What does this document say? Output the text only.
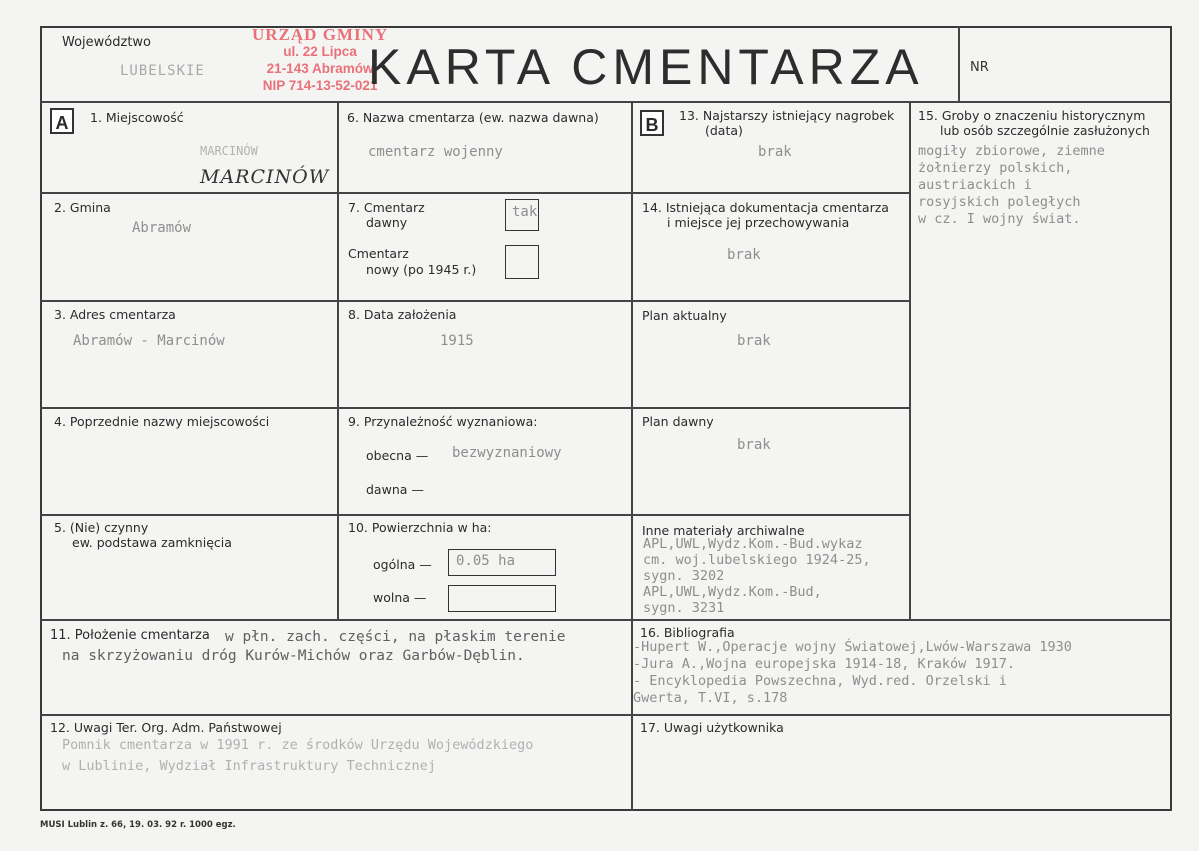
Województwo
LUBELSKIE
URZĄD GMINY
ul. 22 Lipca
21-143 Abramów
NIP 714-13-52-021
KARTA CMENTARZA	NR
A	B
1. Miejscowość
MARCINÓW
MARCINÓW
6. Nazwa cmentarza (ew. nazwa dawna)
cmentarz wojenny
13. Najstarszy istniejący nagrobek
(data)
brak
15. Groby o znaczeniu historycznym
lub osób szczególnie zasłużonych
mogiły zbiorowe, ziemne
żołnierzy polskich,
austriackich i
rosyjskich poległych
w cz. I wojny świat.
2. Gmina
Abramów
7. Cmentarz
dawny
tak
Cmentarz
nowy (po 1945 r.)
14. Istniejąca dokumentacja cmentarza
i miejsce jej przechowywania
brak
3. Adres cmentarza
Abramów - Marcinów
8. Data założenia
1915
Plan aktualny
brak
4. Poprzednie nazwy miejscowości	9. Przynależność wyznaniowa:
obecna — bezwyznaniowy
dawna —
Plan dawny
brak
5. (Nie) czynny
ew. podstawa zamknięcia
10. Powierzchnia w ha:
ogólna — 0.05 ha
wolna —
Inne materiały archiwalne
APL,UWL,Wydz.Kom.-Bud.wykaz
cm. woj.lubelskiego 1924-25,
sygn. 3202
APL,UWL,Wydz.Kom.-Bud,
sygn. 3231
11. Położenie cmentarza w płn. zach. części, na płaskim terenie
na skrzyżowaniu dróg Kurów-Michów oraz Garbów-Dęblin.
16. Bibliografia
-Hupert W.,Operacje wojny Światowej,Lwów-Warszawa 1930
-Jura A.,Wojna europejska 1914-18, Kraków 1917.
- Encyklopedia Powszechna, Wyd.red. Orzelski i
Gwerta, T.VI, s.178
12. Uwagi Ter. Org. Adm. Państwowej
Pomnik cmentarza w 1991 r. ze środków Urzędu Wojewódzkiego
w Lublinie, Wydział Infrastruktury Technicznej
17. Uwagi użytkownika
MUSI Lublin z. 66, 19. 03. 92 r. 1000 egz.
